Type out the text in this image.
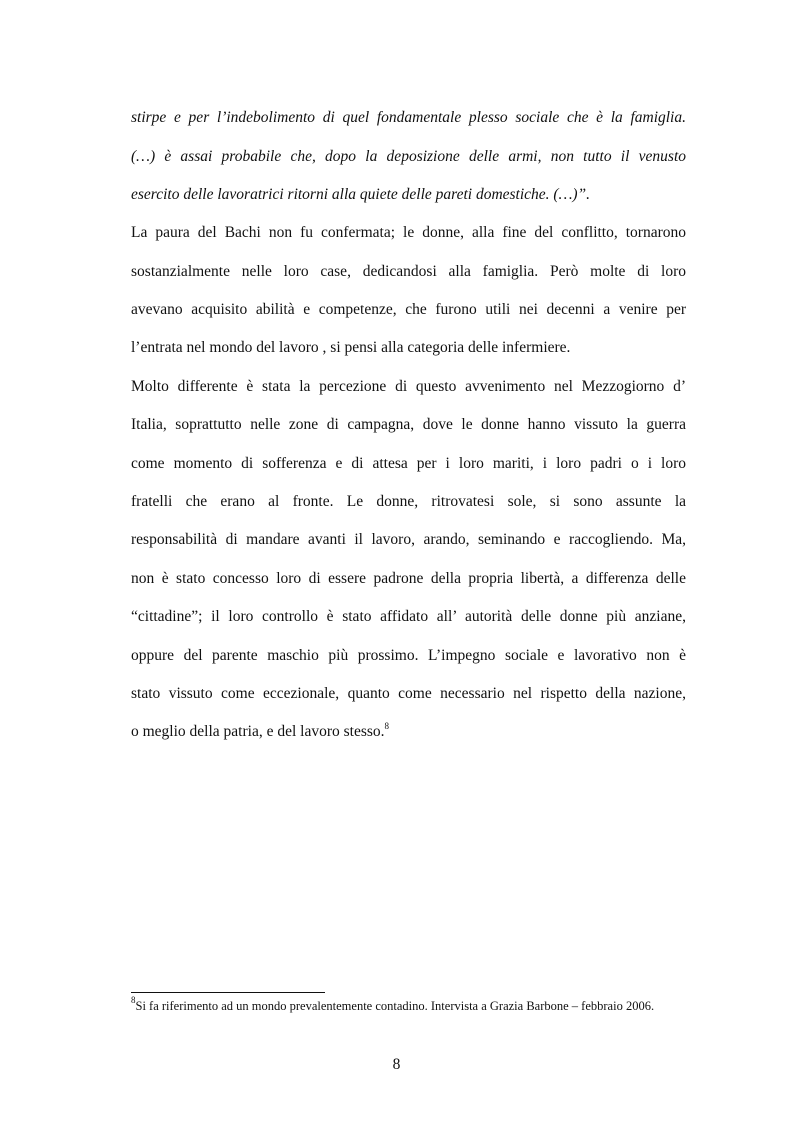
stirpe e per l’indebolimento di quel fondamentale plesso sociale che è la famiglia.
(…) è assai probabile che, dopo la deposizione delle armi, non tutto il venusto
esercito delle lavoratrici ritorni alla quiete delle pareti domestiche. (…)”.
La paura del Bachi non fu confermata; le donne, alla fine del conflitto, tornarono
sostanzialmente nelle loro case, dedicandosi alla famiglia. Però molte di loro
avevano acquisito abilità e competenze, che furono utili nei decenni a venire per
l’entrata nel mondo del lavoro , si pensi alla categoria delle infermiere.
Molto differente è stata la percezione di questo avvenimento nel Mezzogiorno d’
Italia, soprattutto nelle zone di campagna, dove le donne hanno vissuto la guerra
come momento di sofferenza e di attesa per i loro mariti, i loro padri o i loro
fratelli che erano al fronte. Le donne, ritrovatesi sole, si sono assunte la
responsabilità di mandare avanti il lavoro, arando, seminando e raccogliendo. Ma,
non è stato concesso loro di essere padrone della propria libertà, a differenza delle
“cittadine”; il loro controllo è stato affidato all’ autorità delle donne più anziane,
oppure del parente maschio più prossimo. L’impegno sociale e lavorativo non è
stato vissuto come eccezionale, quanto come necessario nel rispetto della nazione,
o meglio della patria, e del lavoro stesso.$^8$
$^8$Si fa riferimento ad un mondo prevalentemente contadino. Intervista a Grazia Barbone – febbraio 2006.
8
